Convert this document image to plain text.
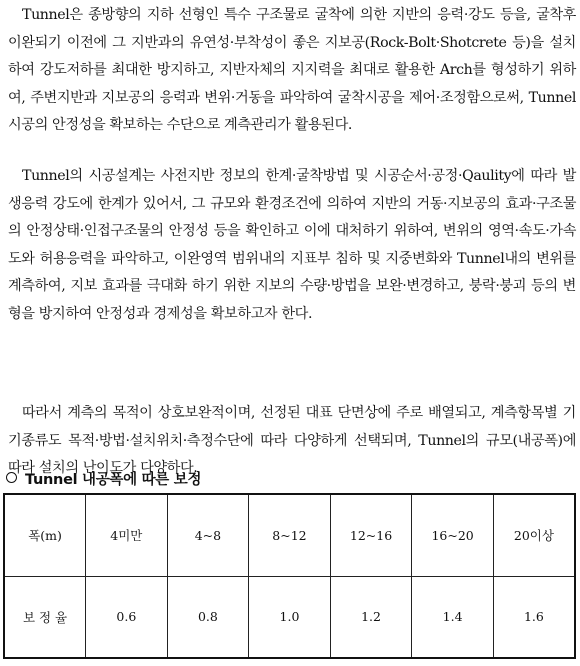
Tunnel은 종방향의 지하 선형인 특수 구조물로 굴착에 의한 지반의 응력·강도 등을, 굴착후 이완되기 이전에 그 지반과의 유연성·부착성이 좋은 지보공(Rock-Bolt·Shotcrete 등)을 설치하여 강도저하를 최대한 방지하고, 지반자체의 지지력을 최대로 활용한 Arch를 형성하기 위하여, 주변지반과 지보공의 응력과 변위·거동을 파악하여 굴착시공을 제어·조정함으로써, Tunnel 시공의 안정성을 확보하는 수단으로 계측관리가 활용된다.

Tunnel의 시공설계는 사전지반 정보의 한계·굴착방법 및 시공순서·공정·Qaulity에 따라 발생응력 강도에 한계가 있어서, 그 규모와 환경조건에 의하여 지반의 거동·지보공의 효과·구조물의 안정상태·인접구조물의 안정성 등을 확인하고 이에 대처하기 위하여, 변위의 영역·속도·가속도와 허용응력을 파악하고, 이완영역 범위내의 지표부 침하 및 지중변화와 Tunnel내의 변위를 계측하여, 지보 효과를 극대화 하기 위한 지보의 수량·방법을 보완·변경하고, 붕락·붕괴 등의 변형을 방지하여 안정성과 경제성을 확보하고자 한다.

따라서 계측의 목적이 상호보완적이며, 선정된 대표 단면상에 주로 배열되고, 계측항목별 기기종류도 목적·방법·설치위치·측정수단에 따라 다양하게 선택되며, Tunnel의 규모(내공폭)에 따라 설치의 난이도가 다양하다.

Tunnel 내공폭에 따른 보정
폭(m)	4미만	4~8	8~12	12~16	16~20	20이상
보 정 율	0.6	0.8	1.0	1.2	1.4	1.6
